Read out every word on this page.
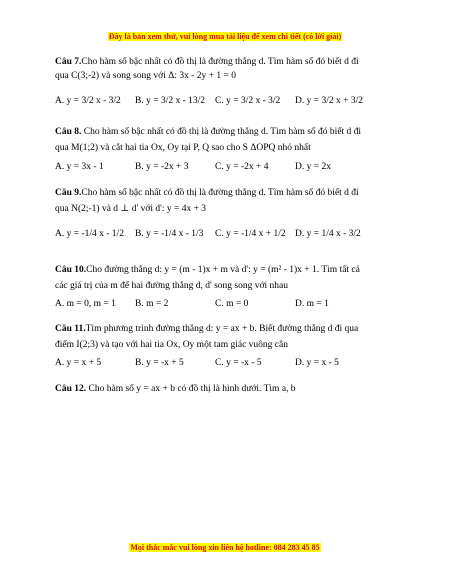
Đây là bản xem thử, vui lòng mua tài liệu để xem chi tiết (có lời giải)
Câu 7.Cho hàm số bậc nhất có đồ thị là đường thẳng d. Tìm hàm số đó biết d đi
qua C(3;-2) và song song với Δ: 3x - 2y + 1 = 0
A. y = 3/2 x - 3/2 B. y = 3/2 x - 13/2 C. y = 3/2 x - 3/2 D. y = 3/2 x + 3/2
Câu 8. Cho hàm số bậc nhất có đồ thị là đường thẳng d. Tìm hàm số đó biết d đi
qua M(1;2) và cắt hai tia Ox, Oy tại P, Q sao cho S ΔOPQ nhỏ nhất
A. y = 3x - 1	B. y = -2x + 3	C. y = -2x + 4	D. y = 2x
Câu 9.Cho hàm số bậc nhất có đồ thị là đường thẳng d. Tìm hàm số đó biết d đi
qua N(2;-1) và d ⊥ d' với d': y = 4x + 3
A. y = -1/4 x - 1/2 B. y = -1/4 x - 1/3 C. y = -1/4 x + 1/2 D. y = 1/4 x - 3/2
Câu 10.Cho đường thẳng d: y = (m - 1)x + m và d': y = (m² - 1)x + 1. Tìm tất cả
các giá trị của m để hai đường thẳng d, d' song song với nhau
A. m = 0, m = 1 B. m = 2	C. m = 0	D. m = 1
Câu 11.Tìm phương trình đường thẳng d: y = ax + b. Biết đường thẳng d đi qua
điểm I(2;3) và tạo với hai tia Ox, Oy một tam giác vuông cân
A. y = x + 5	B. y = -x + 5	C. y = -x - 5	D. y = x - 5
Câu 12. Cho hàm số y = ax + b có đồ thị là hình dưới. Tìm a, b
Mọi thắc mắc vui lòng xin liên hệ hotline: 084 283 45 85
